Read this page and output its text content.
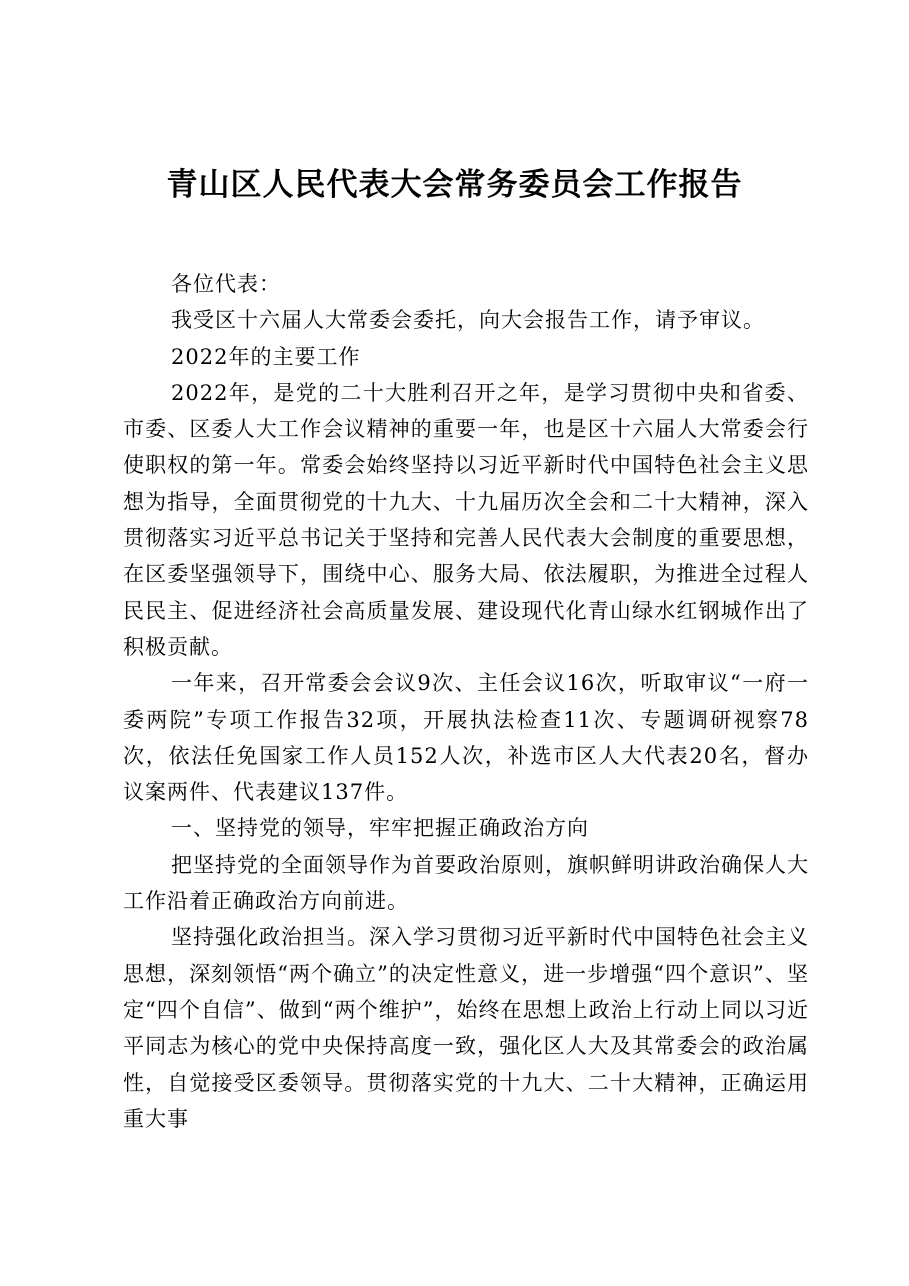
青山区人民代表大会常务委员会工作报告

各位代表：

我受区十六届人大常委会委托，向大会报告工作，请予审议。

2022年的主要工作

2022年，是党的二十大胜利召开之年，是学习贯彻中央和省委、市委、区委人大工作会议精神的重要一年，也是区十六届人大常委会行使职权的第一年。常委会始终坚持以习近平新时代中国特色社会主义思想为指导，全面贯彻党的十九大、十九届历次全会和二十大精神，深入贯彻落实习近平总书记关于坚持和完善人民代表大会制度的重要思想，在区委坚强领导下，围绕中心、服务大局、依法履职，为推进全过程人民民主、促进经济社会高质量发展、建设现代化青山绿水红钢城作出了积极贡献。

一年来，召开常委会会议9次、主任会议16次，听取审议“一府一委两院”专项工作报告32项，开展执法检查11次、专题调研视察78次，依法任免国家工作人员152人次，补选市区人大代表20名，督办议案两件、代表建议137件。

一、坚持党的领导，牢牢把握正确政治方向

把坚持党的全面领导作为首要政治原则，旗帜鲜明讲政治确保人大工作沿着正确政治方向前进。

坚持强化政治担当。深入学习贯彻习近平新时代中国特色社会主义思想，深刻领悟“两个确立”的决定性意义，进一步增强“四个意识”、坚定“四个自信”、做到“两个维护”，始终在思想上政治上行动上同以习近平同志为核心的党中央保持高度一致，强化区人大及其常委会的政治属性，自觉接受区委领导。贯彻落实党的十九大、二十大精神，正确运用重大事
